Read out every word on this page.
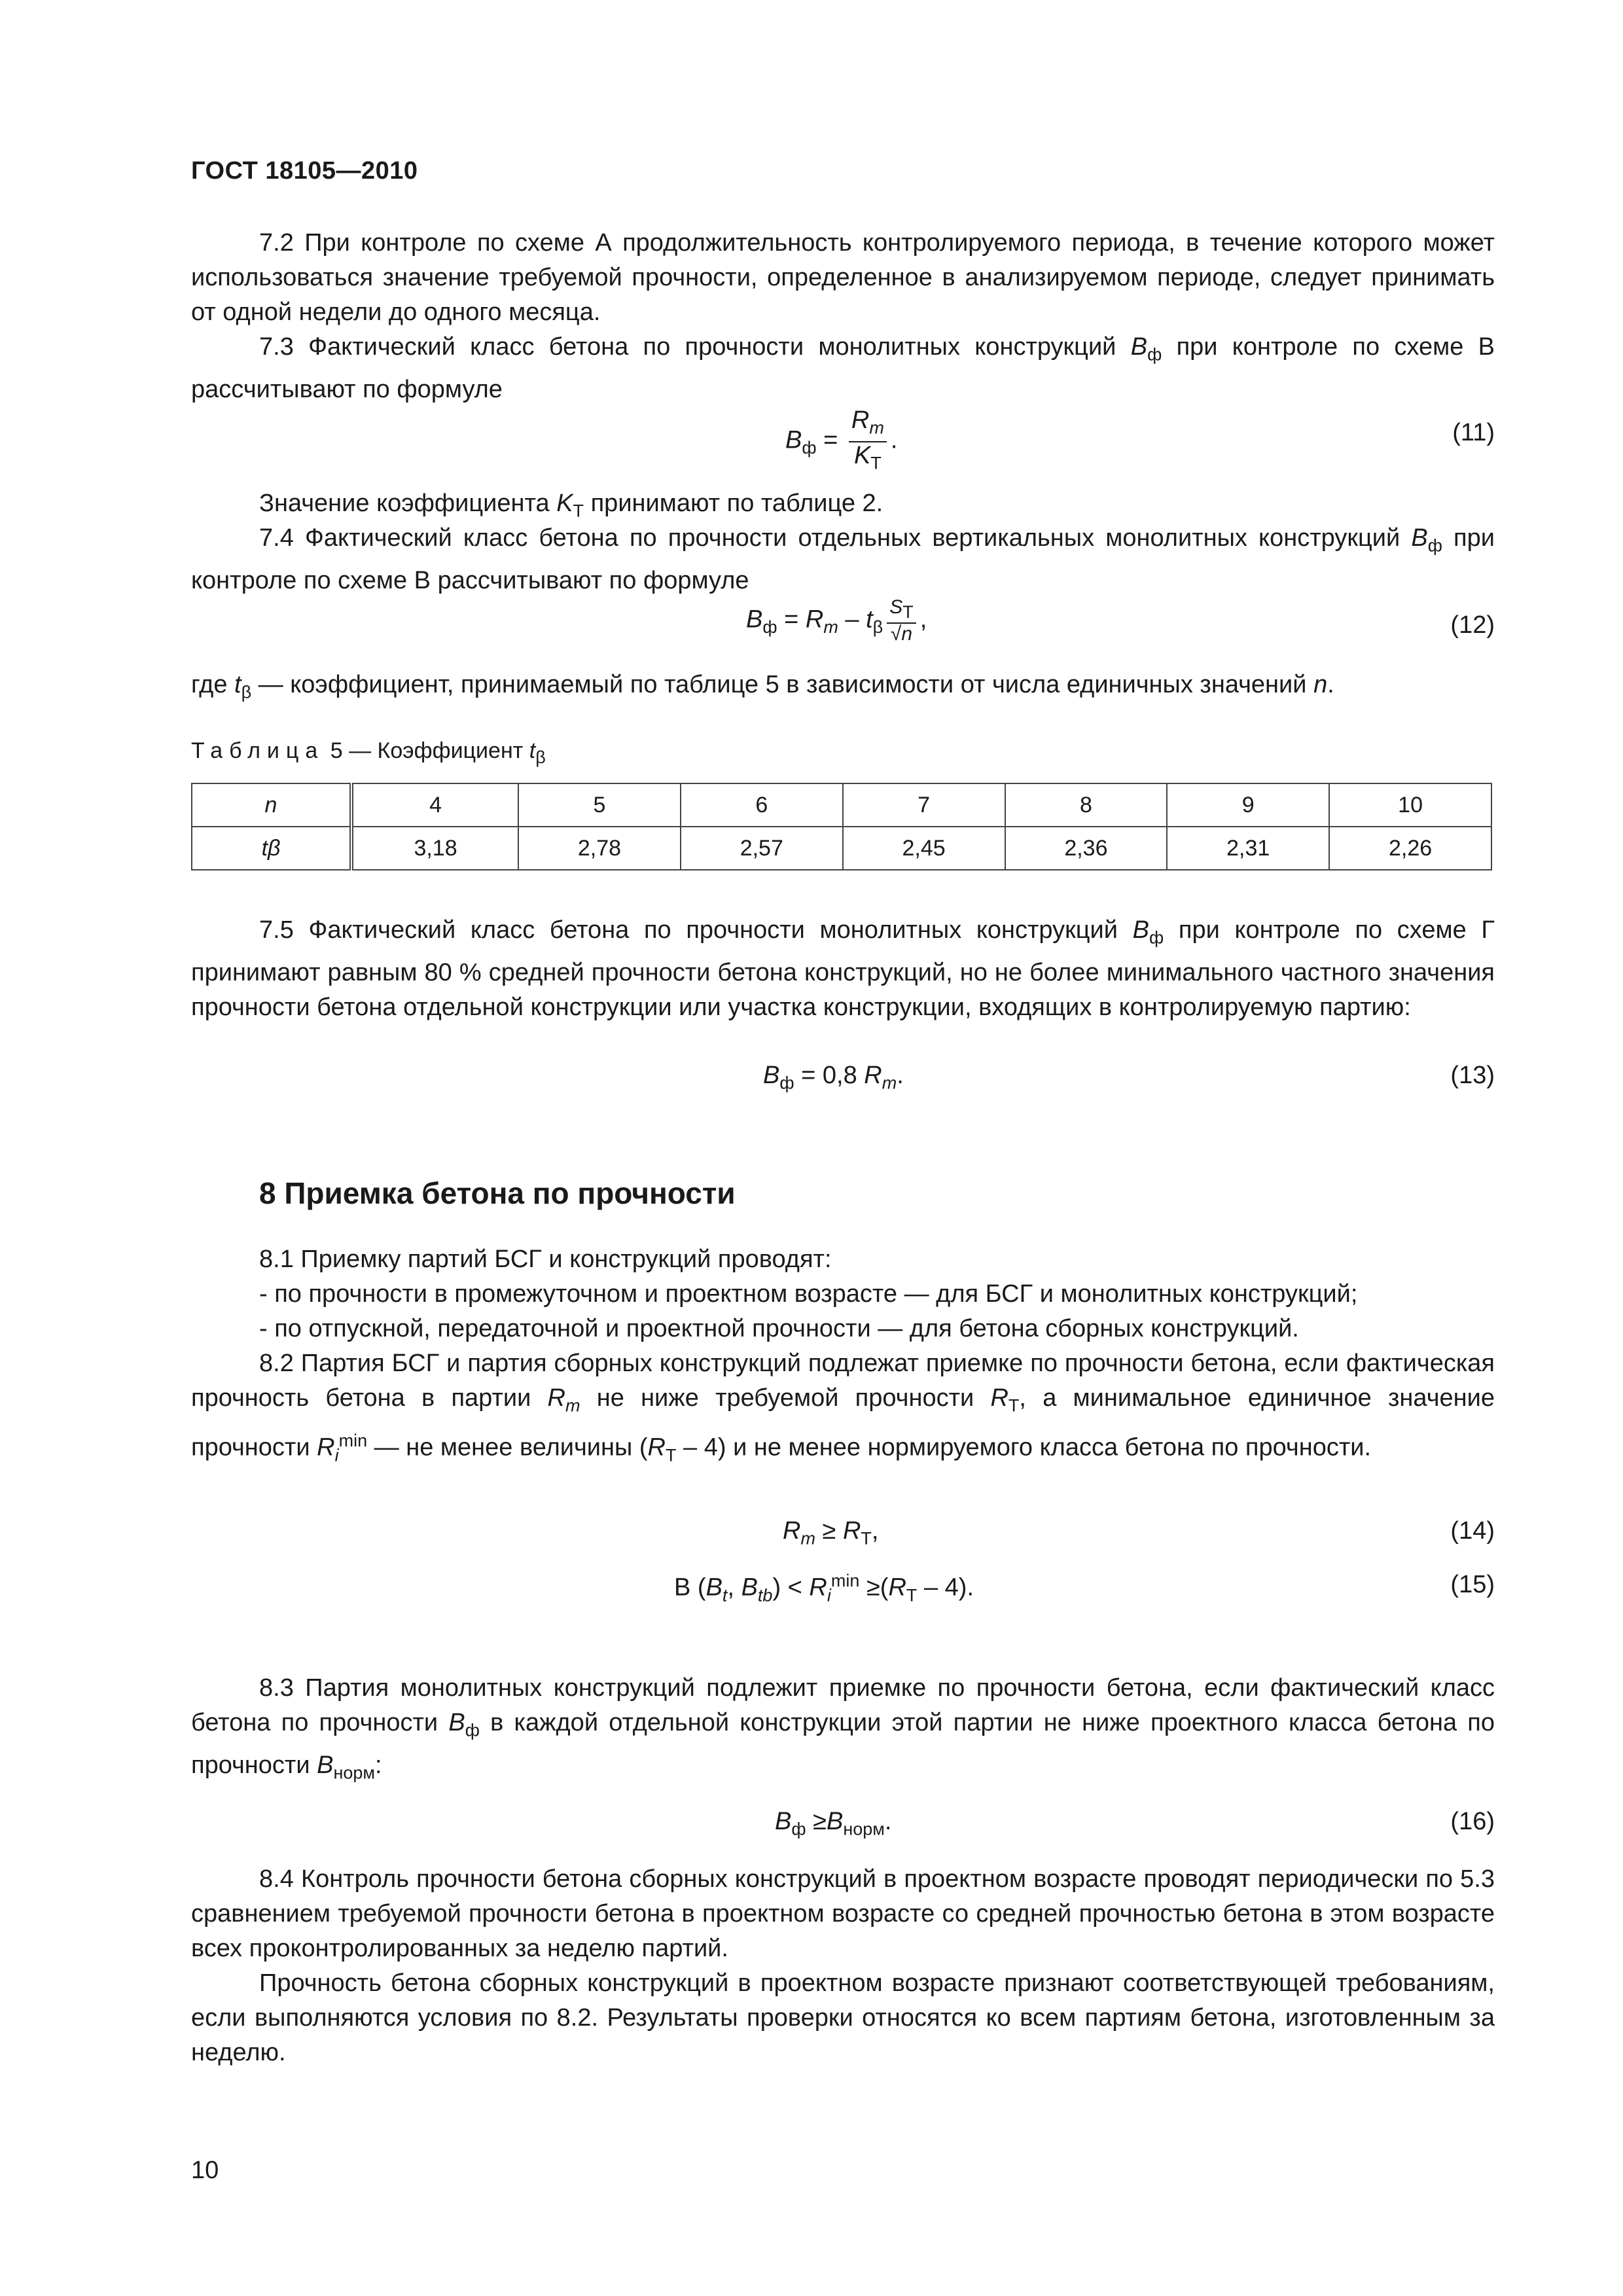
ГОСТ 18105—2010
7.2 При контроле по схеме А продолжительность контролируемого периода, в течение которого может использоваться значение требуемой прочности, определенное в анализируемом периоде, следует принимать от одной недели до одного месяца.
7.3 Фактический класс бетона по прочности монолитных конструкций $B_ф$ при контроле по схеме В рассчитывают по формуле
$B_ф = \frac{R_m}{K_Т}$ .	(11)
Значение коэффициента $K_Т$ принимают по таблице 2.
7.4 Фактический класс бетона по прочности отдельных вертикальных монолитных конструкций $B_ф$ при контроле по схеме В рассчитывают по формуле
$B_ф = R_m - t_\beta \frac{S_Т}{√n}$ ,	(12)
где $t_\beta$ — коэффициент, принимаемый по таблице 5 в зависимости от числа единичных значений n.
Таблица 5 — Коэффициент $t_\beta$
n	4	5	6	7	8	9	10
tβ	3,18	2,78	2,57	2,45	2,36	2,31	2,26
7.5 Фактический класс бетона по прочности монолитных конструкций $B_ф$ при контроле по схеме Г принимают равным 80 % средней прочности бетона конструкций, но не более минимального частного значения прочности бетона отдельной конструкции или участка конструкции, входящих в контролируемую партию:
$B_ф = 0,8$ $R_m$.	(13)
8 Приемка бетона по прочности
8.1 Приемку партий БСГ и конструкций проводят:
- по прочности в промежуточном и проектном возрасте — для БСГ и монолитных конструкций;
- по отпускной, передаточной и проектной прочности — для бетона сборных конструкций.
8.2 Партия БСГ и партия сборных конструкций подлежат приемке по прочности бетона, если фактическая прочность бетона в партии $R_m$ не ниже требуемой прочности $R_Т$, а минимальное единичное значение прочности $R_i^{min}$ — не менее величины $(R_Т - 4)$ и не менее нормируемого класса бетона по прочности.
$R_m \ge R_Т$,	(14)
B ($B_t$, $B_{tb}) < R_i^{min} \ge(R_Т - 4)$.	(15)
8.3 Партия монолитных конструкций подлежит приемке по прочности бетона, если фактический класс бетона по прочности $B_ф$ в каждой отдельной конструкции этой партии не ниже проектного класса бетона по прочности $B_{норм}$:
$B_ф \ge B_{норм}$.	(16)
8.4 Контроль прочности бетона сборных конструкций в проектном возрасте проводят периодически по 5.3 сравнением требуемой прочности бетона в проектном возрасте со средней прочностью бетона в этом возрасте всех проконтролированных за неделю партий.
Прочность бетона сборных конструкций в проектном возрасте признают соответствующей требованиям, если выполняются условия по 8.2. Результаты проверки относятся ко всем партиям бетона, изготовленным за неделю.
10
